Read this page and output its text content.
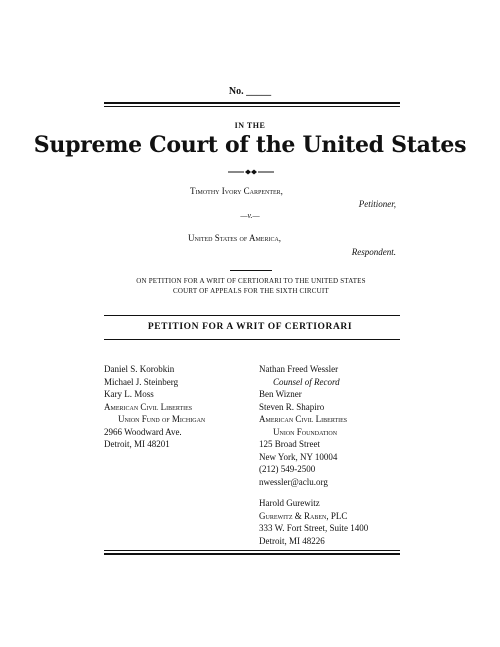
No. _____
IN THE
Supreme Court of the United States
Timothy Ivory Carpenter,
Petitioner,
—v.—
United States of America,
Respondent.
ON PETITION FOR A WRIT OF CERTIORARI TO THE UNITED STATES
COURT OF APPEALS FOR THE SIXTH CIRCUIT
PETITION FOR A WRIT OF CERTIORARI
Daniel S. Korobkin
Michael J. Steinberg
Kary L. Moss
American Civil Liberties
Union Fund of Michigan
2966 Woodward Ave.
Detroit, MI 48201
Nathan Freed Wessler
Counsel of Record
Ben Wizner
Steven R. Shapiro
American Civil Liberties
Union Foundation
125 Broad Street
New York, NY 10004
(212) 549-2500
nwessler@aclu.org
Harold Gurewitz
Gurewitz & Raben, PLC
333 W. Fort Street, Suite 1400
Detroit, MI 48226
